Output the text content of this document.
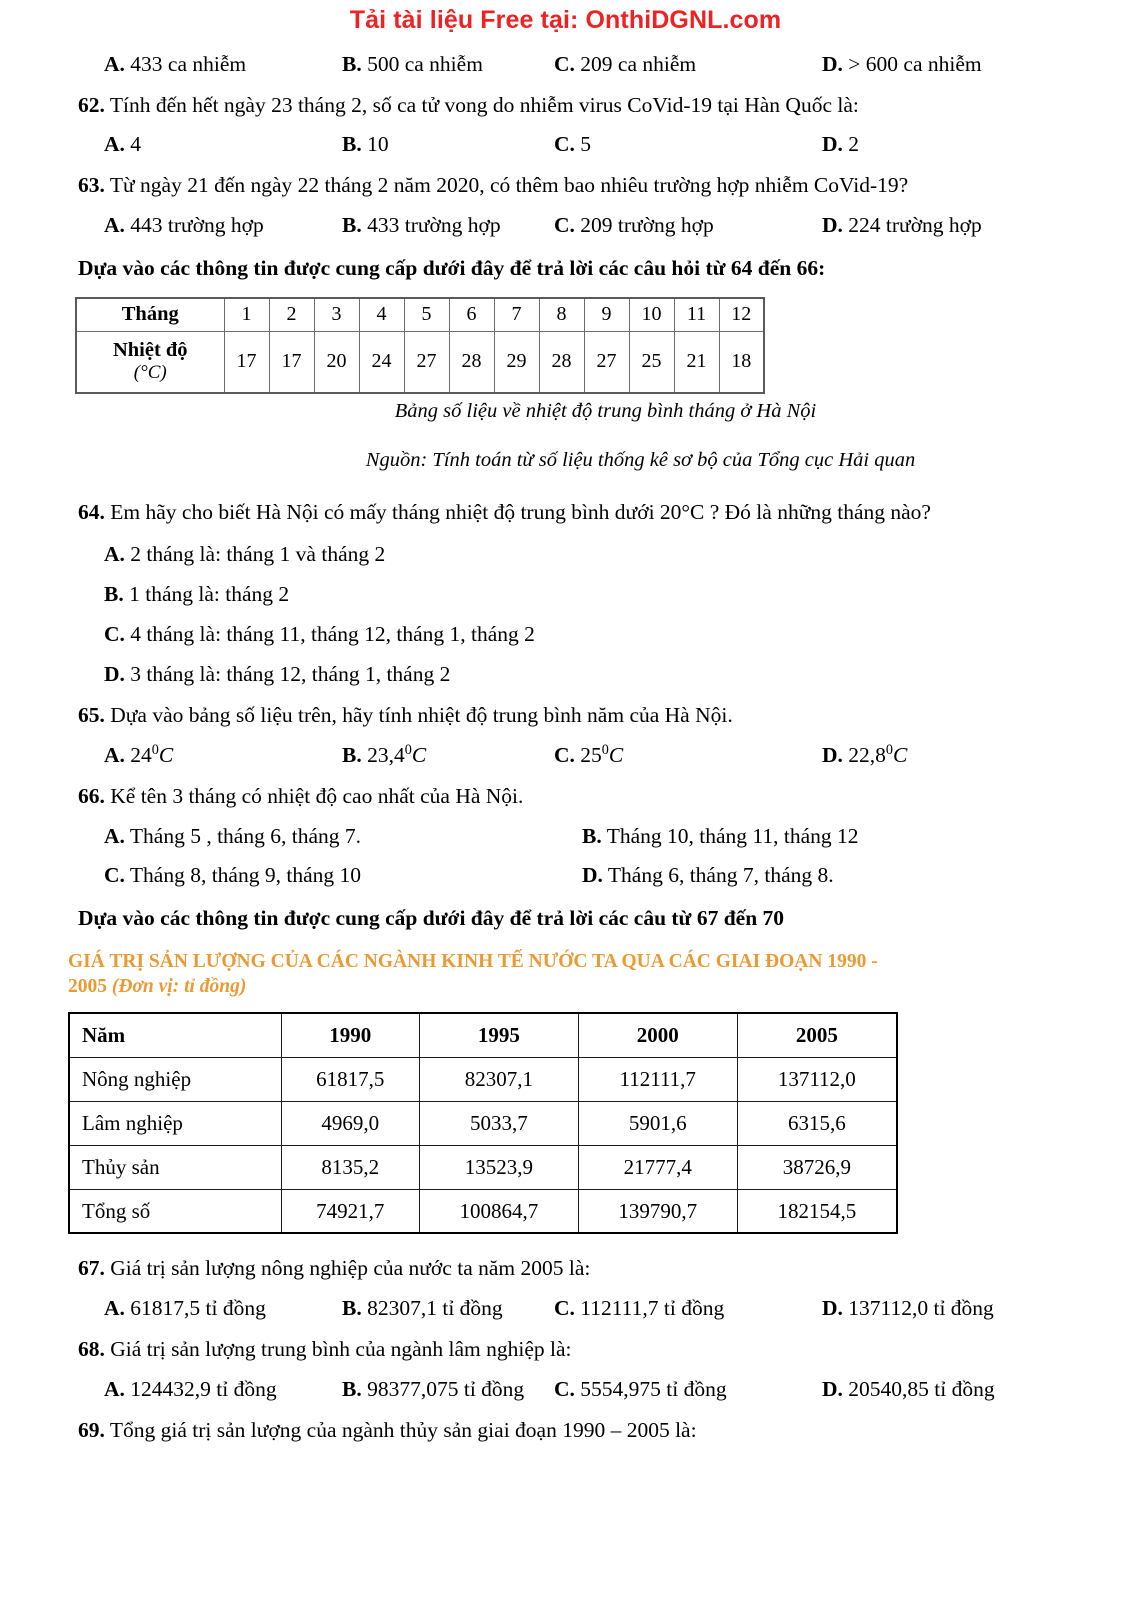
Tải tài liệu Free tại: OnthiDGNL.com
A. 433 ca nhiễm	B. 500 ca nhiễm	C. 209 ca nhiễm	D. > 600 ca nhiễm
62. Tính đến hết ngày 23 tháng 2, số ca tử vong do nhiễm virus CoVid-19 tại Hàn Quốc là:
A. 4	B. 10	C. 5	D. 2
63. Từ ngày 21 đến ngày 22 tháng 2 năm 2020, có thêm bao nhiêu trường hợp nhiễm CoVid-19?
A. 443 trường hợp	B. 433 trường hợp	C. 209 trường hợp	D. 224 trường hợp
Dựa vào các thông tin được cung cấp dưới đây để trả lời các câu hỏi từ 64 đến 66:
Tháng	1	2	3	4	5	6	7	8	9	10	11	12

Nhiệt độ
(°C)	17	17	20	24	27	28	29	28	27	25	21	18
Bảng số liệu về nhiệt độ trung bình tháng ở Hà Nội
Nguồn: Tính toán từ số liệu thống kê sơ bộ của Tổng cục Hải quan
64. Em hãy cho biết Hà Nội có mấy tháng nhiệt độ trung bình dưới 20°C ? Đó là những tháng nào?
A. 2 tháng là: tháng 1 và tháng 2
B. 1 tháng là: tháng 2
C. 4 tháng là: tháng 11, tháng 12, tháng 1, tháng 2
D. 3 tháng là: tháng 12, tháng 1, tháng 2
65. Dựa vào bảng số liệu trên, hãy tính nhiệt độ trung bình năm của Hà Nội.
A. $24^0C$	B. 23,4$^0$C	C. $25^0C$	D. 22,8$^0$C
66. Kể tên 3 tháng có nhiệt độ cao nhất của Hà Nội.
A. Tháng 5 , tháng 6, tháng 7.	B. Tháng 10, tháng 11, tháng 12
C. Tháng 8, tháng 9, tháng 10	D. Tháng 6, tháng 7, tháng 8.
Dựa vào các thông tin được cung cấp dưới đây để trả lời các câu từ 67 đến 70
GIÁ TRỊ SẢN LƯỢNG CỦA CÁC NGÀNH KINH TẾ NƯỚC TA QUA CÁC GIAI ĐOẠN 1990 - 2005 (Đơn vị: tỉ đồng)
Năm	1990	1995	2000	2005
Nông nghiệp	61817,5	82307,1	112111,7	137112,0
Lâm nghiệp	4969,0	5033,7	5901,6	6315,6
Thủy sản	8135,2	13523,9	21777,4	38726,9
Tổng số	74921,7	100864,7	139790,7	182154,5
67. Giá trị sản lượng nông nghiệp của nước ta năm 2005 là:
A. 61817,5 tỉ đồng	B. 82307,1 tỉ đồng	C. 112111,7 tỉ đồng	D. 137112,0 tỉ đồng
68. Giá trị sản lượng trung bình của ngành lâm nghiệp là:
A. 124432,9 tỉ đồng	B. 98377,075 tỉ đồng	C. 5554,975 tỉ đồng	D. 20540,85 tỉ đồng
69. Tổng giá trị sản lượng của ngành thủy sản giai đoạn 1990 – 2005 là:
